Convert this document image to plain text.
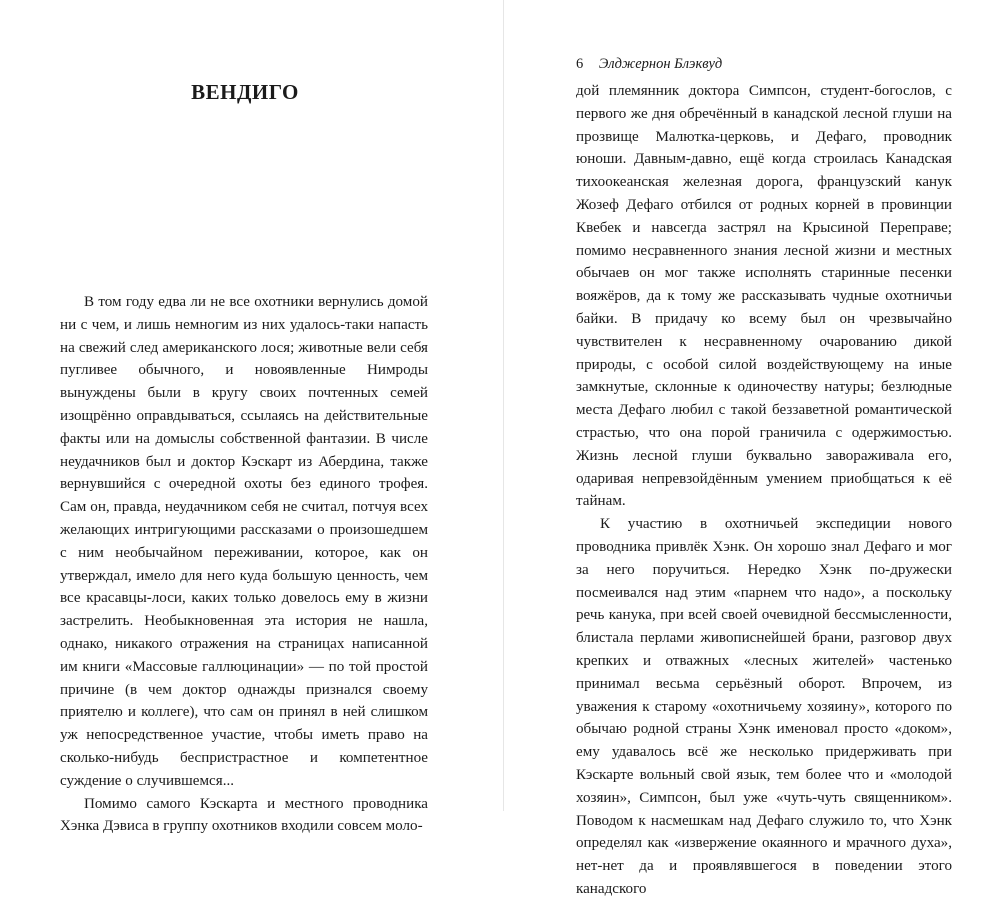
ВЕНДИГО

В том году едва ли не все охотники вернулись домой ни с чем, и лишь немногим из них удалось-таки напасть на свежий след американского лося; животные вели себя пугливее обычного, и новоявленные Нимроды вынуждены были в кругу своих почтенных семей изощрённо оправдываться, ссылаясь на действительные факты или на домыслы собственной фантазии. В числе неудачников был и доктор Кэскарт из Абердина, также вернувшийся с очередной охоты без единого трофея. Сам он, правда, неудачником себя не считал, потчуя всех желающих интригующими рассказами о произошедшем с ним необычайном переживании, которое, как он утверждал, имело для него куда большую ценность, чем все красавцы-лоси, каких только довелось ему в жизни застрелить. Необыкновенная эта история не нашла, однако, никакого отражения на страницах написанной им книги «Массовые галлюцинации» — по той простой причине (в чем доктор однажды признался своему приятелю и коллеге), что сам он принял в ней слишком уж непосредственное участие, чтобы иметь право на сколько-нибудь беспристрастное и компетентное суждение о случившемся...

Помимо самого Кэскарта и местного проводника Хэнка Дэвиса в группу охотников входили совсем моло-

6 Элджернон Блэквуд

дой племянник доктора Симпсон, студент-богослов, с первого же дня обречённый в канадской лесной глуши на прозвище Малютка-церковь, и Дефаго, проводник юноши. Давным-давно, ещё когда строилась Канадская тихоокеанская железная дорога, французский канук Жозеф Дефаго отбился от родных корней в провинции Квебек и навсегда застрял на Крысиной Переправе; помимо несравненного знания лесной жизни и местных обычаев он мог также исполнять старинные песенки вояжёров, да к тому же рассказывать чудные охотничьи байки. В придачу ко всему был он чрезвычайно чувствителен к несравненному очарованию дикой природы, с особой силой воздействующему на иные замкнутые, склонные к одиночеству натуры; безлюдные места Дефаго любил с такой беззаветной романтической страстью, что она порой граничила с одержимостью. Жизнь лесной глуши буквально завораживала его, одаривая непревзойдённым умением приобщаться к её тайнам.

К участию в охотничьей экспедиции нового проводника привлёк Хэнк. Он хорошо знал Дефаго и мог за него поручиться. Нередко Хэнк по-дружески посмеивался над этим «парнем что надо», а поскольку речь канука, при всей своей очевидной бессмысленности, блистала перлами живописнейшей брани, разговор двух крепких и отважных «лесных жителей» частенько принимал весьма серьёзный оборот. Впрочем, из уважения к старому «охотничьему хозяину», которого по обычаю родной страны Хэнк именовал просто «доком», ему удавалось всё же несколько придерживать при Кэскарте вольный свой язык, тем более что и «молодой хозяин», Симпсон, был уже «чуть-чуть священником». Поводом к насмешкам над Дефаго служило то, что Хэнк определял как «извержение окаянного и мрачного духа», нет-нет да и проявлявшегося в поведении этого канадского
